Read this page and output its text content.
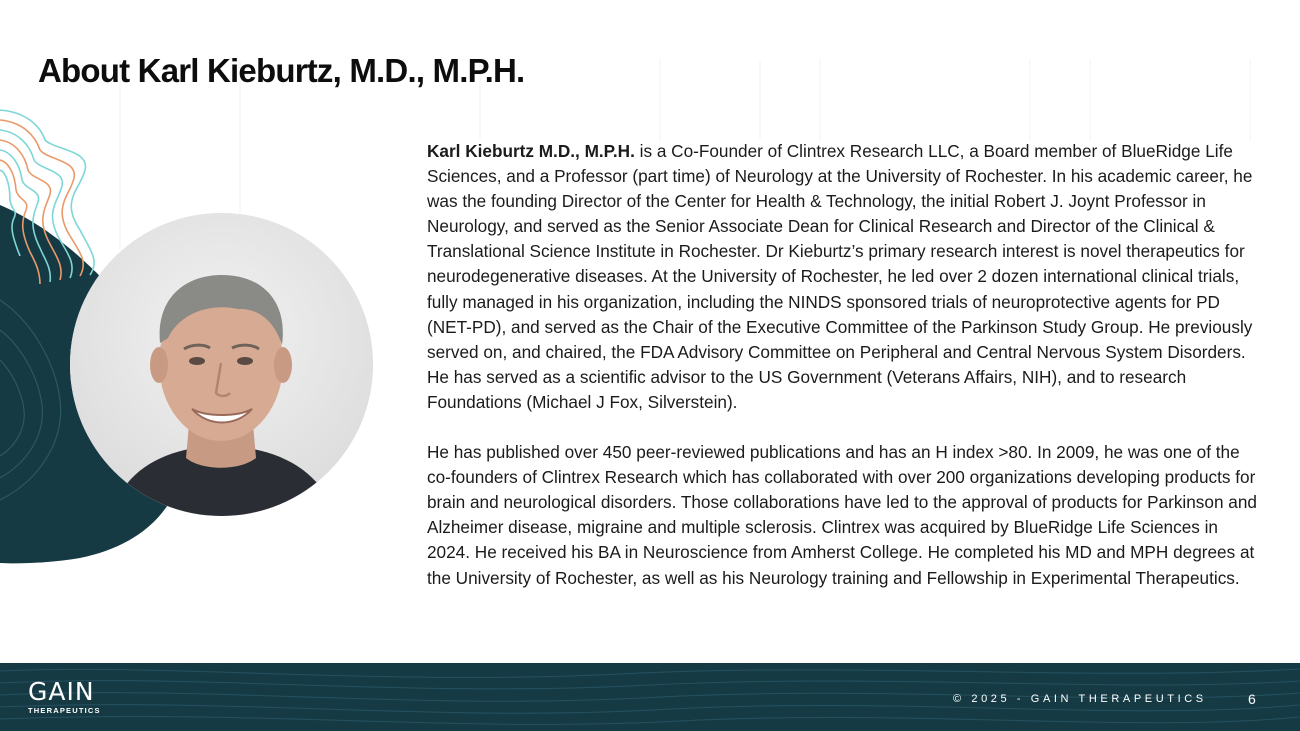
About Karl Kieburtz, M.D., M.P.H.

Karl Kieburtz M.D., M.P.H. is a Co-Founder of Clintrex Research LLC, a Board member of BlueRidge Life Sciences, and a Professor (part time) of Neurology at the University of Rochester. In his academic career, he was the founding Director of the Center for Health & Technology, the initial Robert J. Joynt Professor in Neurology, and served as the Senior Associate Dean for Clinical Research and Director of the Clinical & Translational Science Institute in Rochester. Dr Kieburtz’s primary research interest is novel therapeutics for neurodegenerative diseases. At the University of Rochester, he led over 2 dozen international clinical trials, fully managed in his organization, including the NINDS sponsored trials of neuroprotective agents for PD (NET-PD), and served as the Chair of the Executive Committee of the Parkinson Study Group. He previously served on, and chaired, the FDA Advisory Committee on Peripheral and Central Nervous System Disorders. He has served as a scientific advisor to the US Government (Veterans Affairs, NIH), and to research Foundations (Michael J Fox, Silverstein).

He has published over 450 peer-reviewed publications and has an H index >80. In 2009, he was one of the co-founders of Clintrex Research which has collaborated with over 200 organizations developing products for brain and neurological disorders. Those collaborations have led to the approval of products for Parkinson and Alzheimer disease, migraine and multiple sclerosis. Clintrex was acquired by BlueRidge Life Sciences in 2024. He received his BA in Neuroscience from Amherst College. He completed his MD and MPH degrees at the University of Rochester, as well as his Neurology training and Fellowship in Experimental Therapeutics.

GAIN
THERAPEUTICS
© 2025 - GAIN THERAPEUTICS	6
